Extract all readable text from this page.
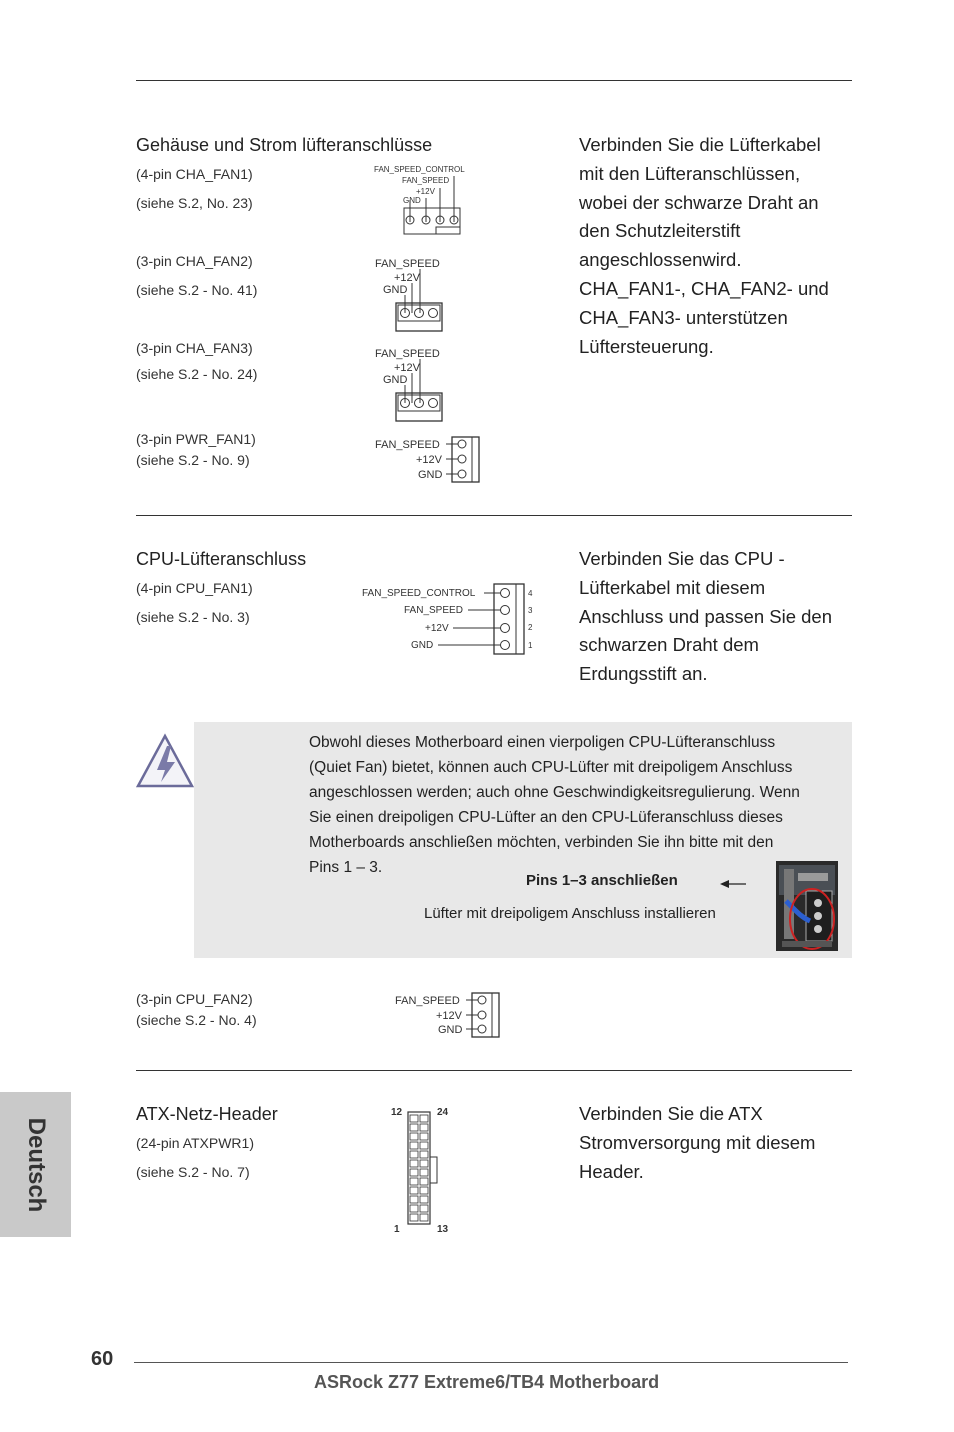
Gehäuse und Strom lüfteranschlüsse
(4-pin CHA_FAN1)
(siehe S.2, No. 23)
(3-pin CHA_FAN2)
(siehe S.2 - No. 41)
(3-pin CHA_FAN3)
(siehe S.2 - No. 24)
(3-pin PWR_FAN1)
(siehe S.2 - No. 9)
Verbinden Sie die Lüfterkabel
mit den Lüfteranschlüssen,
wobei der schwarze Draht an
den Schutzleiterstift
angeschlossenwird.
CHA_FAN1-, CHA_FAN2- und
CHA_FAN3- unterstützen
Lüftersteuerung.
FAN_SPEED_CONTROL
FAN_SPEED
+12V
GND
FAN_SPEED
+12V
GND
FAN_SPEED
+12V
GND
FAN_SPEED
+12V
GND
CPU-Lüfteranschluss
(4-pin CPU_FAN1)
(siehe S.2 - No. 3)
Verbinden Sie das CPU -
Lüfterkabel mit diesem
Anschluss und passen Sie den
schwarzen Draht dem
Erdungsstift an.
FAN_SPEED_CONTROL
FAN_SPEED
+12V
GND
4
3
2
1
Obwohl dieses Motherboard einen vierpoligen CPU-Lüfteranschluss
(Quiet Fan) bietet, können auch CPU-Lüfter mit dreipoligem Anschluss
angeschlossen werden; auch ohne Geschwindigkeitsregulierung. Wenn
Sie einen dreipoligen CPU-Lüfter an den CPU-Lüferanschluss dieses
Motherboards anschließen möchten, verbinden Sie ihn bitte mit den
Pins 1 – 3.
Pins 1–3 anschließen
Lüfter mit dreipoligem Anschluss installieren
(3-pin CPU_FAN2)
(sieche S.2 - No. 4)
FAN_SPEED
+12V
GND
ATX-Netz-Header
(24-pin ATXPWR1)
(siehe S.2 - No. 7)
Verbinden Sie die ATX
Stromversorgung mit diesem
Header.
12	24
1	13
Deutsch
60
ASRock Z77 Extreme6/TB4 Motherboard
